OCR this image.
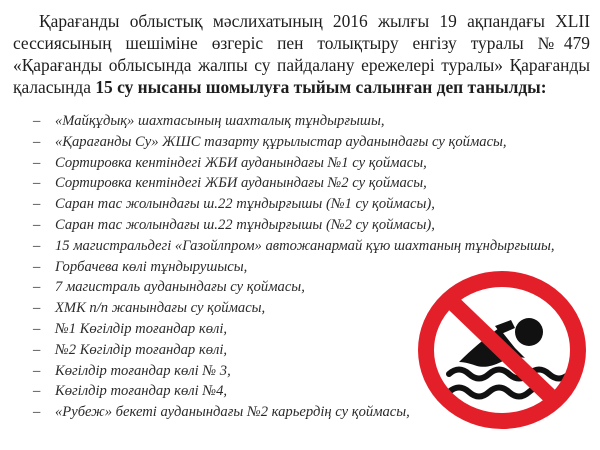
Қарағанды облыстық мәслихатының 2016 жылғы 19 ақпандағы XLII сессиясының шешіміне өзгеріс пен толықтыру енгізу туралы №479 «Қарағанды облысында жалпы су пайдалану ережелері туралы» Қарағанды қаласында 15 су нысаны шомылуға тыйым салынған деп танылды:

– «Майқұдық» шахтасының шахталық тұндырғышы,
– «Қарағанды Су» ЖШС тазарту құрылыстар ауданындағы су қоймасы,
– Сортировка кентіндегі ЖБИ ауданындағы №1 су қоймасы,
– Сортировка кентіндегі ЖБИ ауданындағы №2 су қоймасы,
– Саран тас жолындағы ш.22 тұндырғышы (№1 су қоймасы),
– Саран тас жолындағы ш.22 тұндырғышы (№2 су қоймасы),
– 15 магистральдегі «Газойлпром» автожанармай құю шахтаның тұндырғышы,
– Горбачева көлі тұндырушысы,
– 7 магистраль ауданындағы су қоймасы,
– ХМК п/п жанындағы су қоймасы,
– №1 Көгілдір тоғандар көлі,
– №2 Көгілдір тоғандар көлі,
– Көгілдір тоғандар көлі № 3,
– Көгілдір тоғандар көлі №4,
– «Рубеж» бекеті ауданындағы №2 карьердің су қоймасы,
